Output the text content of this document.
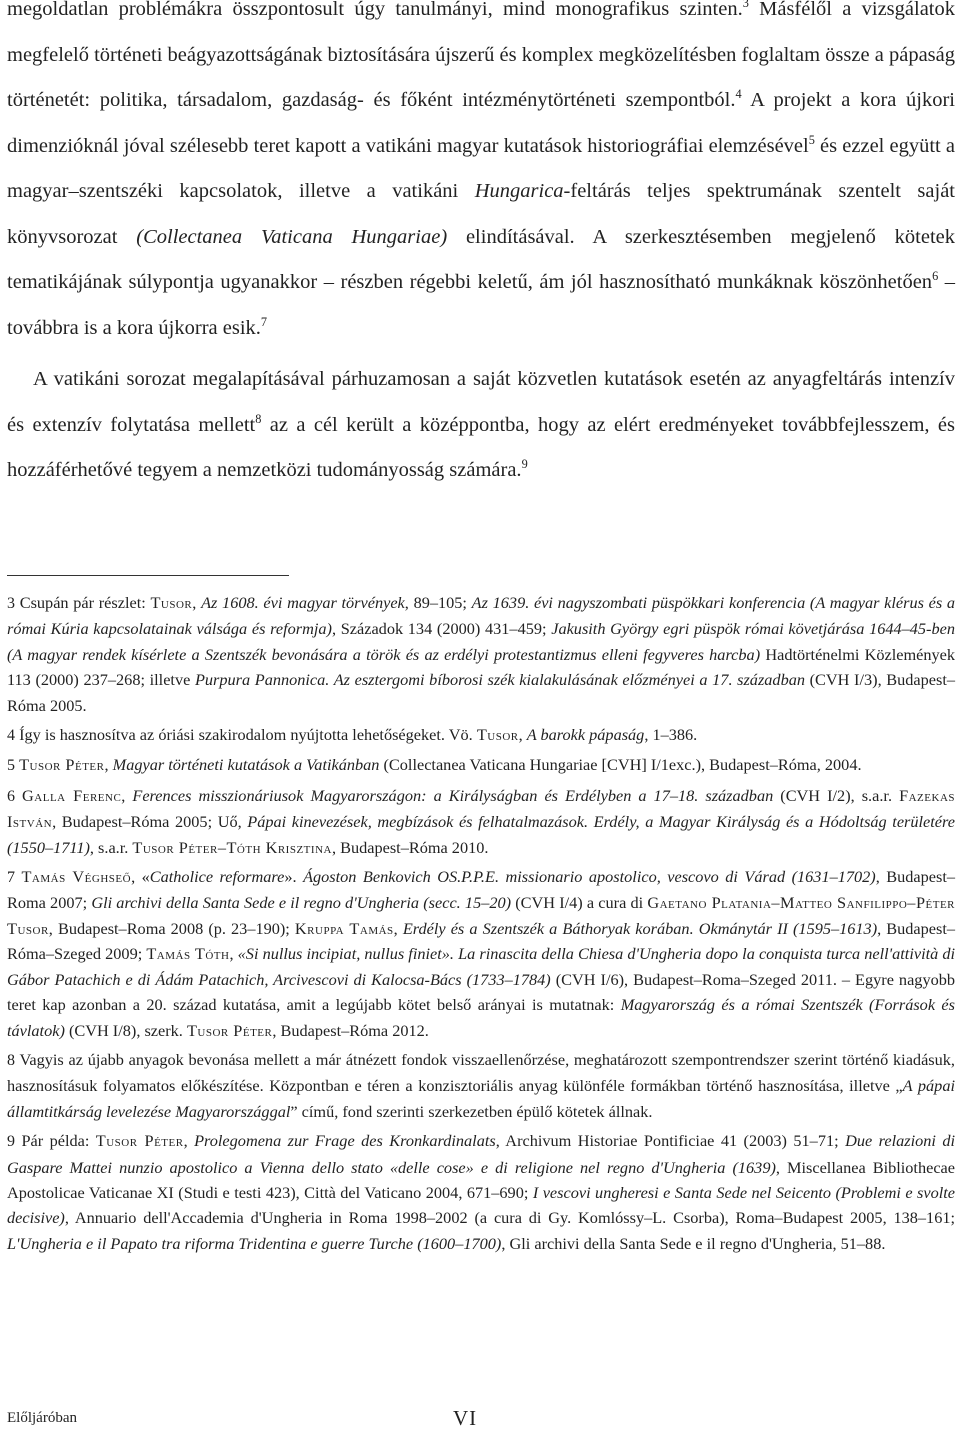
megoldatlan problémákra összpontosult úgy tanulmányi, mind monografikus szinten.$^3$ Másfélől a vizsgálatok megfelelő történeti beágyazottságának biztosítására újszerű és komplex megközelítésben foglaltam össze a pápaság történetét: politika, társadalom, gazdaság- és főként intézménytörténeti szempontból.$^4$ A projekt a kora újkori dimenzióknál jóval szélesebb teret kapott a vatikáni magyar kutatások historiográfiai elemzésével$^5$ és ezzel együtt a magyar–szentszéki kapcsolatok, illetve a vatikáni Hungarica-feltárás teljes spektrumának szentelt saját könyvsorozat (Collectanea Vaticana Hungariae) elindításával. A szerkesztésemben megjelenő kötetek tematikájának súlypontja ugyanakkor – részben régebbi keletű, ám jól hasznosítható munkáknak köszönhetően$^6$ – továbbra is a kora újkorra esik.$^7$

A vatikáni sorozat megalapításával párhuzamosan a saját közvetlen kutatások esetén az anyagfeltárás intenzív és extenzív folytatása mellett$^8$ az a cél került a középpontba, hogy az elért eredményeket továbbfejlesszem, és hozzáférhetővé tegyem a nemzetközi tudományosság számára.$^9$

3 Csupán pár részlet: Tusor, Az 1608. évi magyar törvények, 89–105; Az 1639. évi nagyszombati püspökkari konferencia (A magyar klérus és a római Kúria kapcsolatainak válsága és reformja), Századok 134 (2000) 431–459; Jakusith György egri püspök római követjárása 1644–45-ben (A magyar rendek kísérlete a Szentszék bevonására a török és az erdélyi protestantizmus elleni fegyveres harcba) Hadtörténelmi Közlemények 113 (2000) 237–268; illetve Purpura Pannonica. Az esztergomi bíborosi szék kialakulásának előzményei a 17. században (CVH I/3), Budapest–Róma 2005.

4 Így is hasznosítva az óriási szakirodalom nyújtotta lehetőségeket. Vö. Tusor, A barokk pápaság, 1–386.

5 Tusor Péter, Magyar történeti kutatások a Vatikánban (Collectanea Vaticana Hungariae [CVH] I/1exc.), Budapest–Róma, 2004.

6 Galla Ferenc, Ferences misszionáriusok Magyarországon: a Királyságban és Erdélyben a 17–18. században (CVH I/2), s.a.r. Fazekas István, Budapest–Róma 2005; Uő, Pápai kinevezések, megbízások és felhatalmazások. Erdély, a Magyar Királyság és a Hódoltság területére (1550–1711), s.a.r. Tusor Péter–Tóth Krisztina, Budapest–Róma 2010.

7 Tamás Véghseő, «Catholice reformare». Ágoston Benkovich OS.P.P.E. missionario apostolico, vescovo di Várad (1631–1702), Budapest–Roma 2007; Gli archivi della Santa Sede e il regno d'Ungheria (secc. 15–20) (CVH I/4) a cura di Gaetano Platania–Matteo Sanfilippo–Péter Tusor, Budapest–Roma 2008 (p. 23–190); Kruppa Tamás, Erdély és a Szentszék a Báthoryak korában. Okmánytár II (1595–1613), Budapest–Róma–Szeged 2009; Tamás Tóth, «Si nullus incipiat, nullus finiet». La rinascita della Chiesa d'Ungheria dopo la conquista turca nell'attività di Gábor Patachich e di Ádám Patachich, Arcivescovi di Kalocsa-Bács (1733–1784) (CVH I/6), Budapest–Roma–Szeged 2011. – Egyre nagyobb teret kap azonban a 20. század kutatása, amit a legújabb kötet belső arányai is mutatnak: Magyarország és a római Szentszék (Források és távlatok) (CVH I/8), szerk. Tusor Péter, Budapest–Róma 2012.

8 Vagyis az újabb anyagok bevonása mellett a már átnézett fondok visszaellenőrzése, meghatározott szempontrendszer szerint történő kiadásuk, hasznosításuk folyamatos előkészítése. Központban e téren a konzisztoriális anyag különféle formákban történő hasznosítása, illetve „A pápai államtitkárság levelezése Magyarországgal” című, fond szerinti szerkezetben épülő kötetek állnak.

9 Pár példa: Tusor Péter, Prolegomena zur Frage des Kronkardinalats, Archivum Historiae Pontificiae 41 (2003) 51–71; Due relazioni di Gaspare Mattei nunzio apostolico a Vienna dello stato «delle cose» e di religione nel regno d'Ungheria (1639), Miscellanea Bibliothecae Apostolicae Vaticanae XI (Studi e testi 423), Città del Vaticano 2004, 671–690; I vescovi ungheresi e Santa Sede nel Seicento (Problemi e svolte decisive), Annuario dell'Accademia d'Ungheria in Roma 1998–2002 (a cura di Gy. Komlóssy–L. Csorba), Roma–Budapest 2005, 138–161; L'Ungheria e il Papato tra riforma Tridentina e guerre Turche (1600–1700), Gli archivi della Santa Sede e il regno d'Ungheria, 51–88.

Előljáróban	VI
